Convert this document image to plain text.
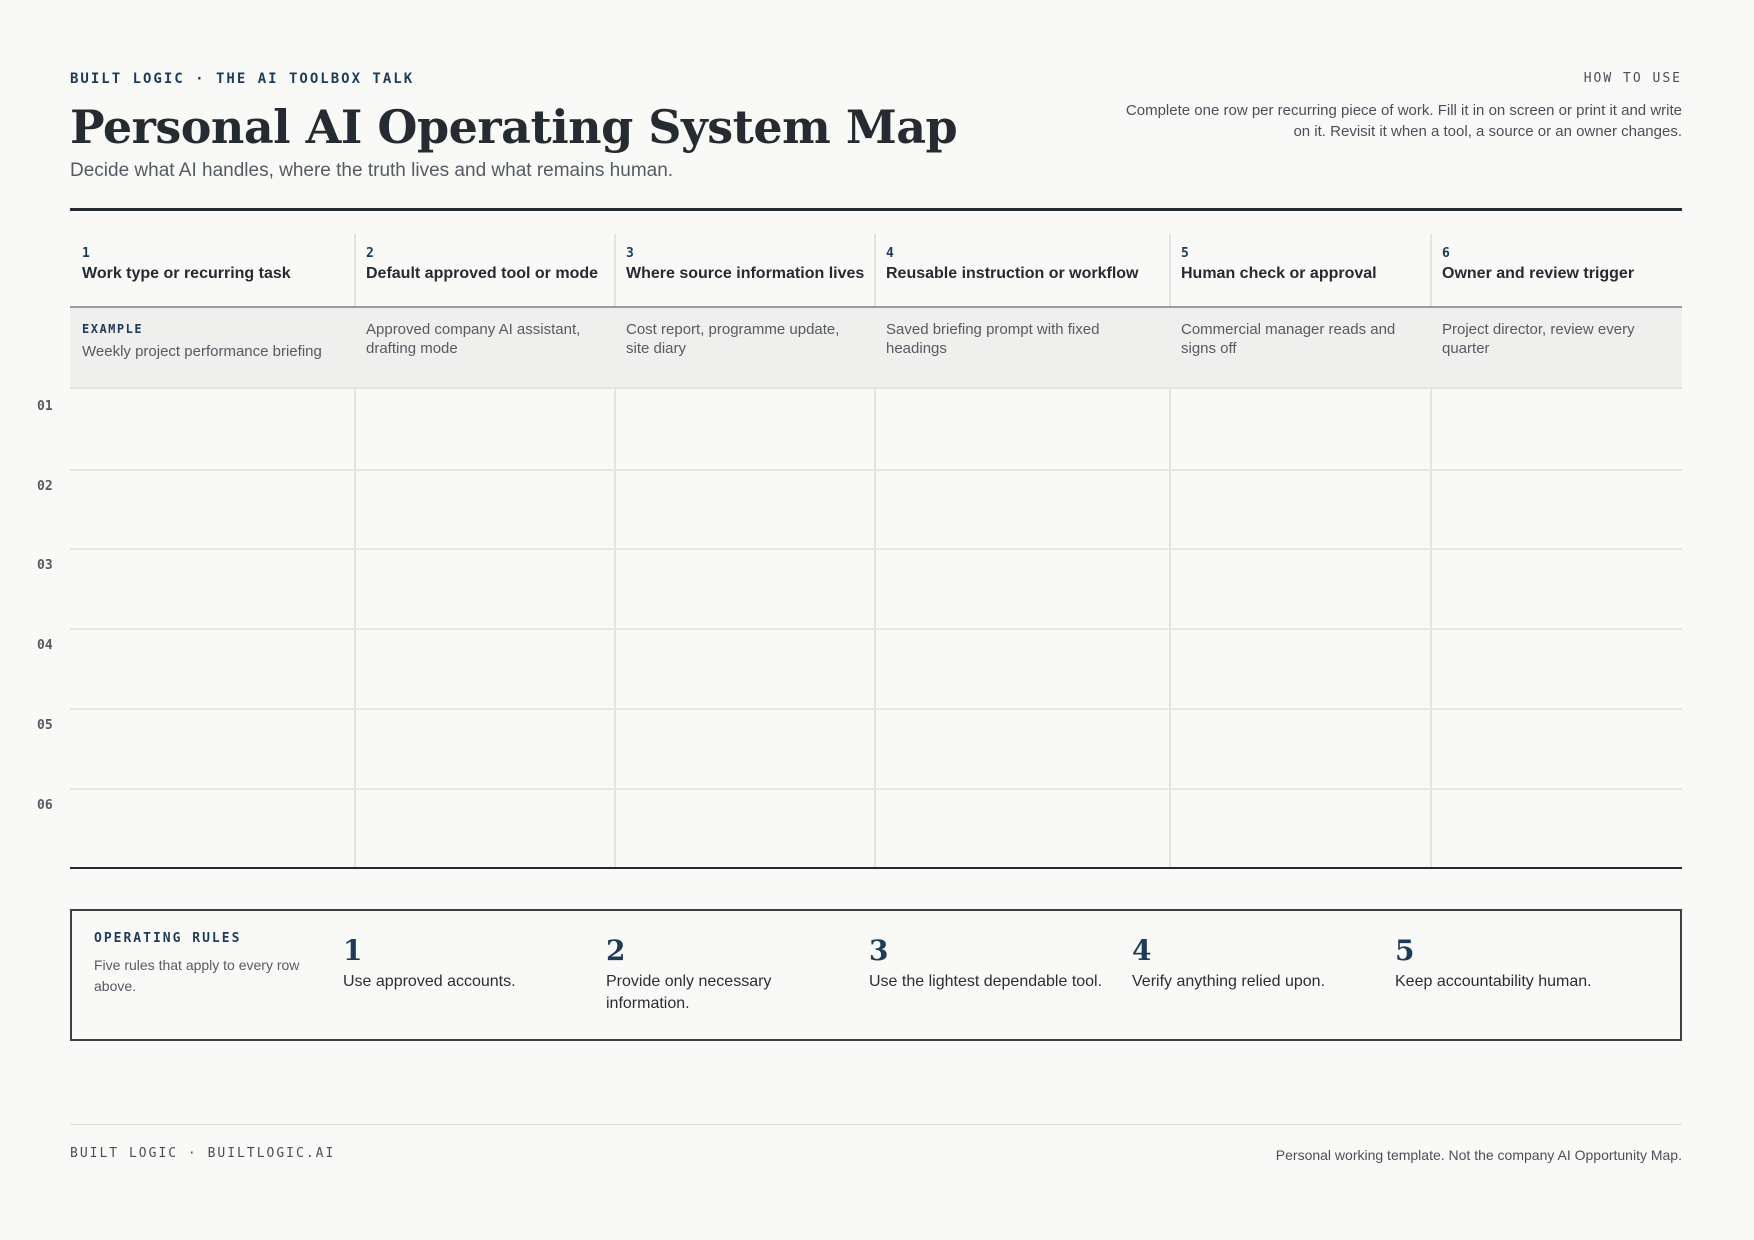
BUILT LOGIC · THE AI TOOLBOX TALK
Personal AI Operating System Map
Decide what AI handles, where the truth lives and what remains human.
HOW TO USE
Complete one row per recurring piece of work. Fill it in on screen or print it and write on it. Revisit it when a tool, a source or an owner changes.
1
Work type or recurring task
2
Default approved tool or mode
3
Where source information lives
4
Reusable instruction or workflow
5
Human check or approval
6
Owner and review trigger
EXAMPLE
Weekly project performance briefing
Approved company AI assistant, drafting mode
Cost report, programme update, site diary
Saved briefing prompt with fixed headings
Commercial manager reads and signs off
Project director, review every quarter
01
02
03
04
05
06
OPERATING RULES
Five rules that apply to every row above.
1
Use approved accounts.
2
Provide only necessary information.
3
Use the lightest dependable tool.
4
Verify anything relied upon.
5
Keep accountability human.
BUILT LOGIC · BUILTLOGIC.AI	Personal working template. Not the company AI Opportunity Map.
